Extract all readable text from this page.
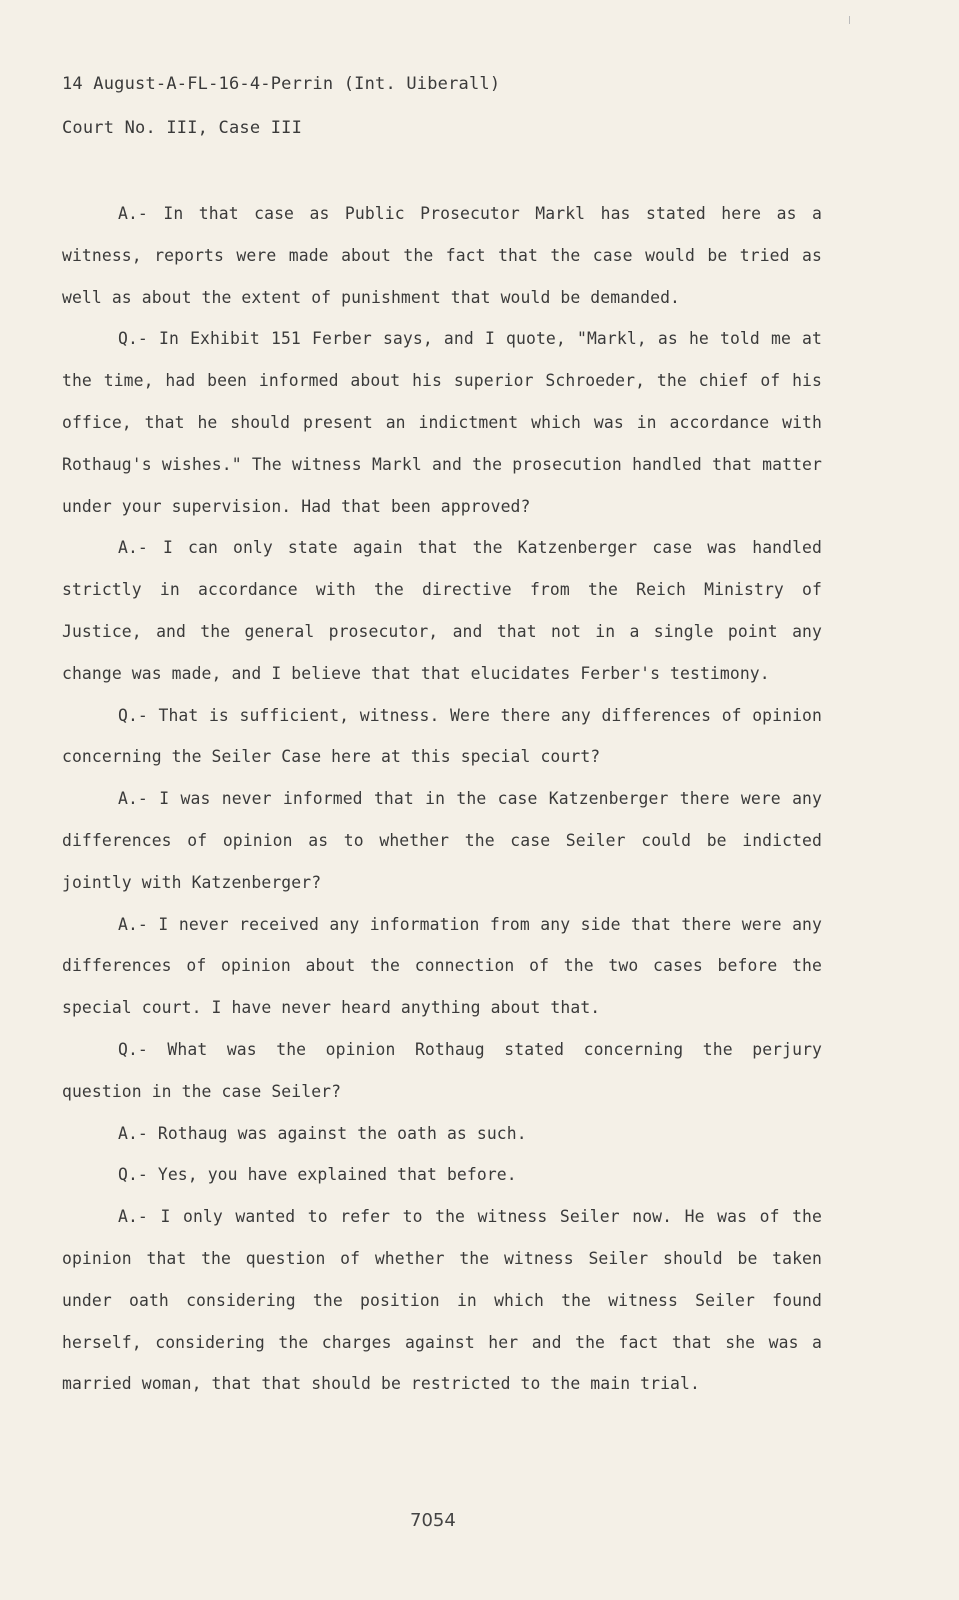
14 August-A-FL-16-4-Perrin (Int. Uiberall)
Court No. III, Case III

A.- In that case as Public Prosecutor Markl has stated here as a witness, reports were made about the fact that the case would be tried as well as about the extent of punishment that would be demanded.

Q.- In Exhibit 151 Ferber says, and I quote, "Markl, as he told me at the time, had been informed about his superior Schroeder, the chief of his office, that he should present an indictment which was in accordance with Rothaug's wishes." The witness Markl and the prosecution handled that matter under your supervision. Had that been approved?

A.- I can only state again that the Katzenberger case was handled strictly in accordance with the directive from the Reich Ministry of Justice, and the general prosecutor, and that not in a single point any change was made, and I believe that that elucidates Ferber's testimony.

Q.- That is sufficient, witness. Were there any differences of opinion concerning the Seiler Case here at this special court?

A.- I was never informed that in the case Katzenberger there were any differences of opinion as to whether the case Seiler could be indicted jointly with Katzenberger?

A.- I never received any information from any side that there were any differences of opinion about the connection of the two cases before the special court. I have never heard anything about that.

Q.- What was the opinion Rothaug stated concerning the perjury question in the case Seiler?

A.- Rothaug was against the oath as such.

Q.- Yes, you have explained that before.

A.- I only wanted to refer to the witness Seiler now. He was of the opinion that the question of whether the witness Seiler should be taken under oath considering the position in which the witness Seiler found herself, considering the charges against her and the fact that she was a married woman, that that should be restricted to the main trial.

7054
